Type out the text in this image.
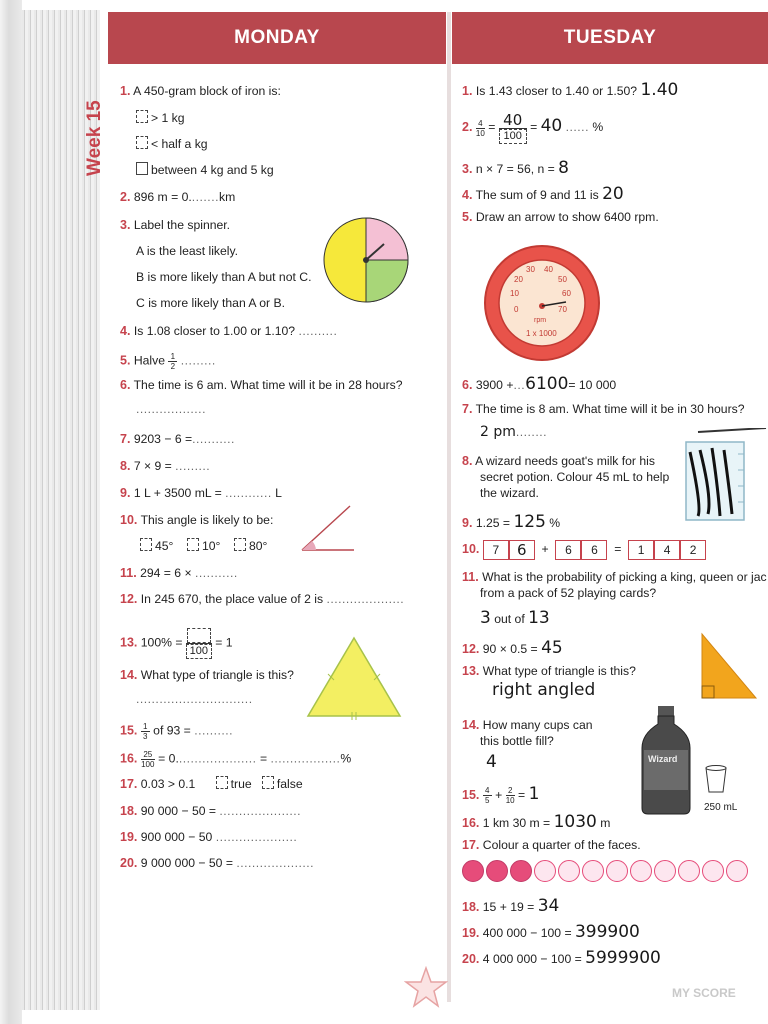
Week 15
MONDAY
1. A 450-gram block of iron is:
> 1 kg
< half a kg
between 4 kg and 5 kg
2. 896 m = 0........km
3. Label the spinner.
A is the least likely.
B is more likely than A but not C.
C is more likely than A or B.
4. Is 1.08 closer to 1.00 or 1.10? ..........
5. Halve $\frac{1}{2}$ .........
6. The time is 6 am. What time will it be in 28 hours?
..................
7. 9203 − 6 =...........
8. 7 × 9 = .........
9. 1 L + 3500 mL = ............ L
10. This angle is likely to be:
45° 10° 80°
11. 294 = 6 × ...........
12. In 245 670, the place value of 2 is ....................
13. 100% =
100
= 1
14. What type of triangle is this?
..............................
15. $\frac{1}{3}$ of 93 = ..........
16. $\frac{25}{100} = 0$..................... = ..................%
17. 0.03 > 0.1	true false
18. 90 000 − 50 = .....................
19. 900 000 − 50 .....................
20. 9 000 000 − 50 = ....................
TUESDAY
1. Is 1.43 closer to 1.40 or 1.50? 1.40
2. $\frac{4}{10} = \frac{40}{100} = 40$ ...... %
3. n × 7 = 56, n = 8
4. The sum of 9 and 11 is 20
5. Draw an arrow to show 6400 rpm.
0
10
20
30 40
50
60
70
rpm
1 x 1000
6. 3900 +...6100= 10 000
7. The time is 8 am. What time will it be in 30 hours?
2 pm........
8. A wizard needs goat's milk for his
secret potion. Colour 45 mL to help
the wizard.
9. 1.25 = 125 %
10. 7 6  +  6 6  =  1 4 2
11. What is the probability of picking a king, queen or jac
from a pack of 52 playing cards?
3 out of 13
12. 90 × 0.5 = 45
13. What type of triangle is this?
right angled
14. How many cups can
this bottle fill?
4	Wizard
250 mL
15. $\frac{4}{5} + \frac{2}{10} = 1$
16. 1 km 30 m = 1030 m
17. Colour a quarter of the faces.
18. 15 + 19 = 34
19. 400 000 − 100 = 399900
20. 4 000 000 − 100 = 5999900
MY SCORE
